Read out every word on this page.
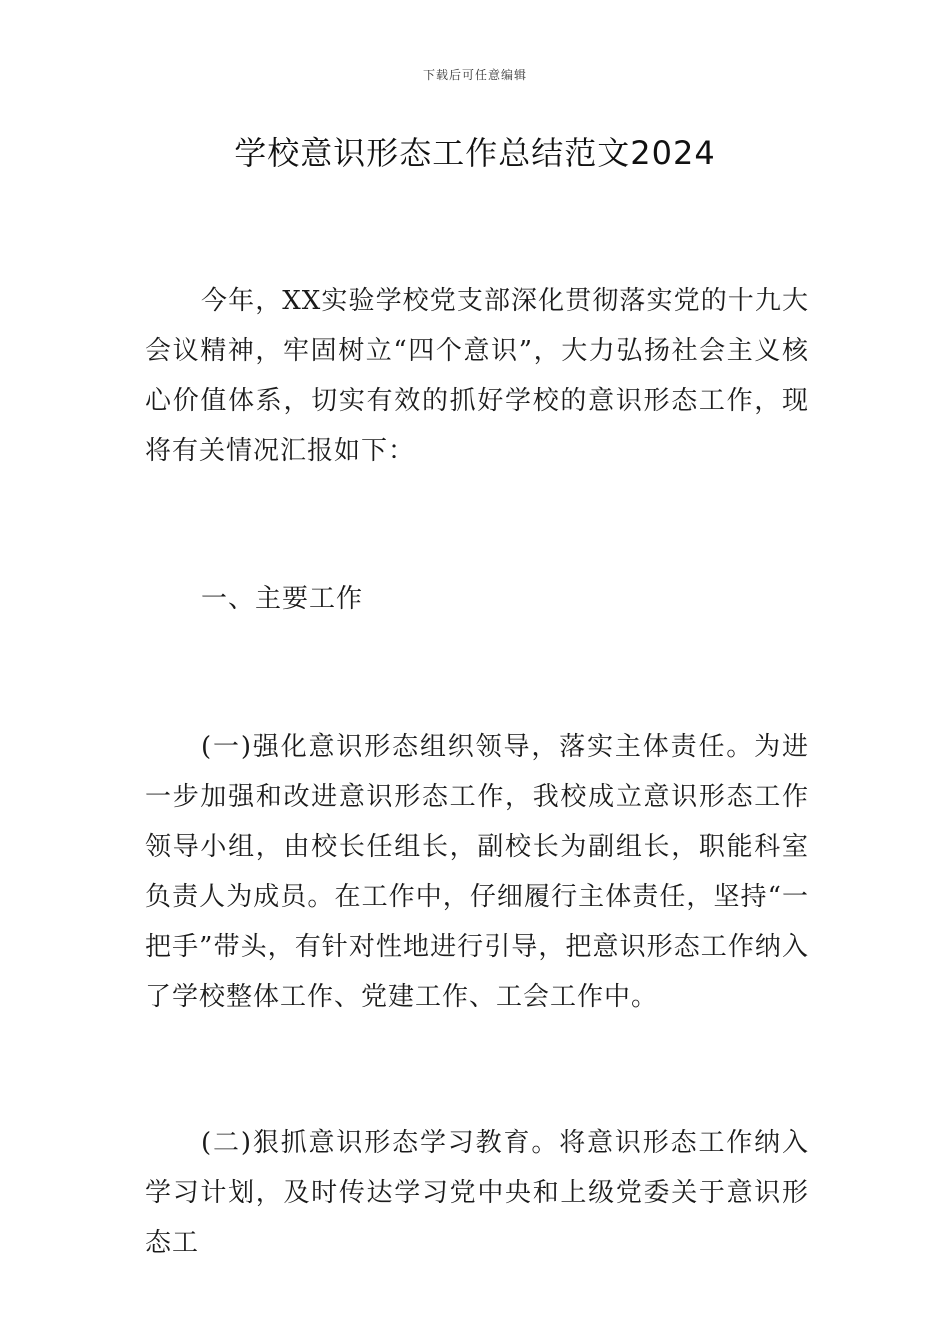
下载后可任意编辑
学校意识形态工作总结范文2024
今年，XX实验学校党支部深化贯彻落实党的十九大会议精神，牢固树立“四个意识”，大力弘扬社会主义核心价值体系，切实有效的抓好学校的意识形态工作，现将有关情况汇报如下：
一、主要工作
(一)强化意识形态组织领导，落实主体责任。为进一步加强和改进意识形态工作，我校成立意识形态工作领导小组，由校长任组长，副校长为副组长，职能科室负责人为成员。在工作中，仔细履行主体责任，坚持“一把手”带头，有针对性地进行引导，把意识形态工作纳入了学校整体工作、党建工作、工会工作中。
(二)狠抓意识形态学习教育。将意识形态工作纳入学习计划，及时传达学习党中央和上级党委关于意识形态工
